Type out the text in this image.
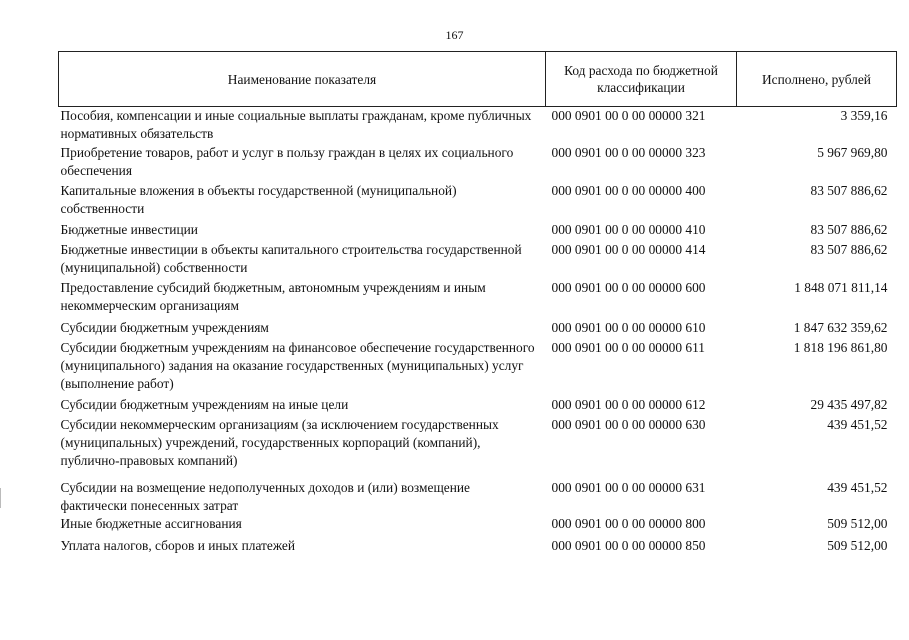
167
Наименование показателя	Код расхода по бюджетной классификации	Исполнено, рублей
Пособия, компенсации и иные социальные выплаты гражданам, кроме публичных нормативных обязательств	000 0901 00 0 00 00000 321	3 359,16
Приобретение товаров, работ и услуг в пользу граждан в целях их социального обеспечения	000 0901 00 0 00 00000 323	5 967 969,80
Капитальные вложения в объекты государственной (муниципальной) собственности	000 0901 00 0 00 00000 400	83 507 886,62
Бюджетные инвестиции	000 0901 00 0 00 00000 410	83 507 886,62
Бюджетные инвестиции в объекты капитального строительства государственной (муниципальной) собственности	000 0901 00 0 00 00000 414	83 507 886,62
Предоставление субсидий бюджетным, автономным учреждениям и иным некоммерческим организациям	000 0901 00 0 00 00000 600	1 848 071 811,14
Субсидии бюджетным учреждениям	000 0901 00 0 00 00000 610	1 847 632 359,62
Субсидии бюджетным учреждениям на финансовое обеспечение государственного (муниципального) задания на оказание государственных (муниципальных) услуг (выполнение работ)	000 0901 00 0 00 00000 611	1 818 196 861,80
Субсидии бюджетным учреждениям на иные цели	000 0901 00 0 00 00000 612	29 435 497,82
Субсидии некоммерческим организациям (за исключением государственных (муниципальных) учреждений, государственных корпораций (компаний), публично-правовых компаний)	000 0901 00 0 00 00000 630	439 451,52
Субсидии на возмещение недополученных доходов и (или) возмещение фактически понесенных затрат	000 0901 00 0 00 00000 631	439 451,52
Иные бюджетные ассигнования	000 0901 00 0 00 00000 800	509 512,00
Уплата налогов, сборов и иных платежей	000 0901 00 0 00 00000 850	509 512,00
